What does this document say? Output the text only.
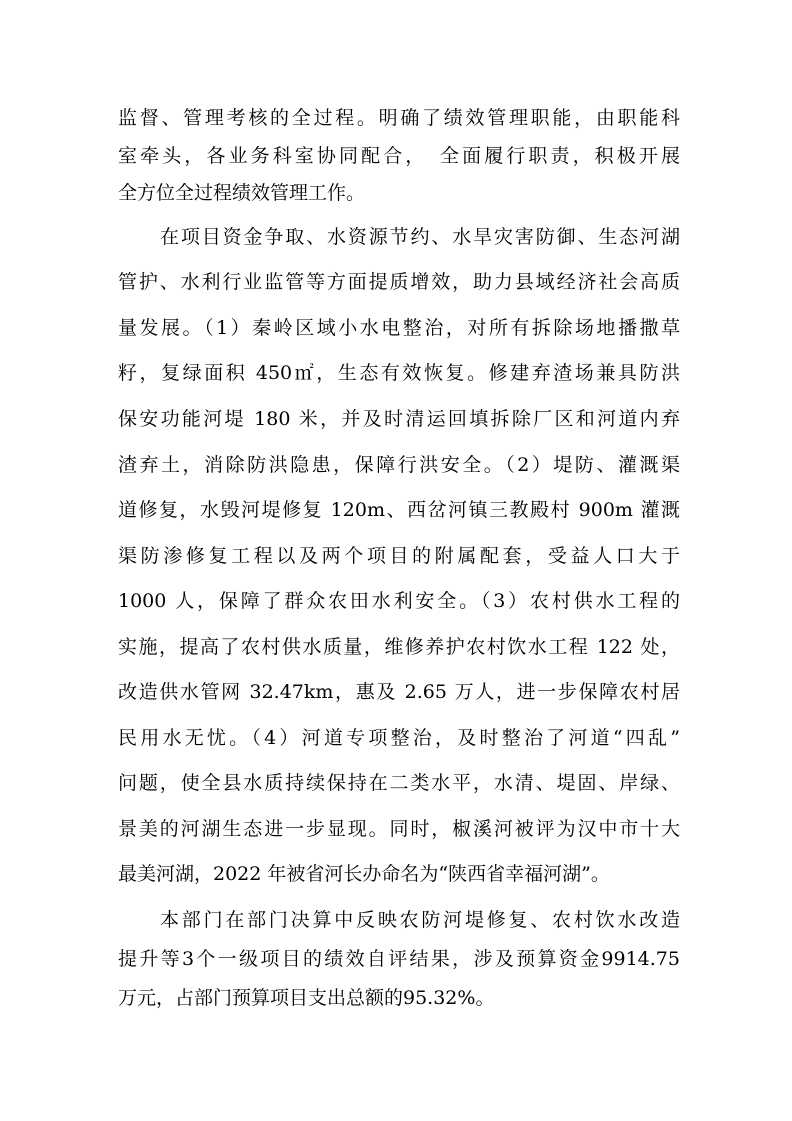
监督、管理考核的全过程。明确了绩效管理职能，由职能科
室牵头，各业务科室协同配合，　全面履行职责，积极开展
全方位全过程绩效管理工作。
在项目资金争取、水资源节约、水旱灾害防御、生态河湖
管护、水利行业监管等方面提质增效，助力县域经济社会高质
量发展。（1）秦岭区域小水电整治，对所有拆除场地播撒草
籽，复绿面积 450㎡，生态有效恢复。修建弃渣场兼具防洪
保安功能河堤 180 米，并及时清运回填拆除厂区和河道内弃
渣弃土，消除防洪隐患，保障行洪安全。（2）堤防、灌溉渠
道修复，水毁河堤修复 120m、西岔河镇三教殿村 900m 灌溉
渠防渗修复工程以及两个项目的附属配套，受益人口大于
1000 人，保障了群众农田水利安全。（3）农村供水工程的
实施，提高了农村供水质量，维修养护农村饮水工程 122 处，
改造供水管网 32.47km，惠及 2.65 万人，进一步保障农村居
民用水无忧。（4）河道专项整治，及时整治了河道“四乱”
问题，使全县水质持续保持在二类水平，水清、堤固、岸绿、
景美的河湖生态进一步显现。同时，椒溪河被评为汉中市十大
最美河湖，2022 年被省河长办命名为“陕西省幸福河湖”。
本部门在部门决算中反映农防河堤修复、农村饮水改造
提升等3个一级项目的绩效自评结果，涉及预算资金9914.75
万元，占部门预算项目支出总额的95.32%。
